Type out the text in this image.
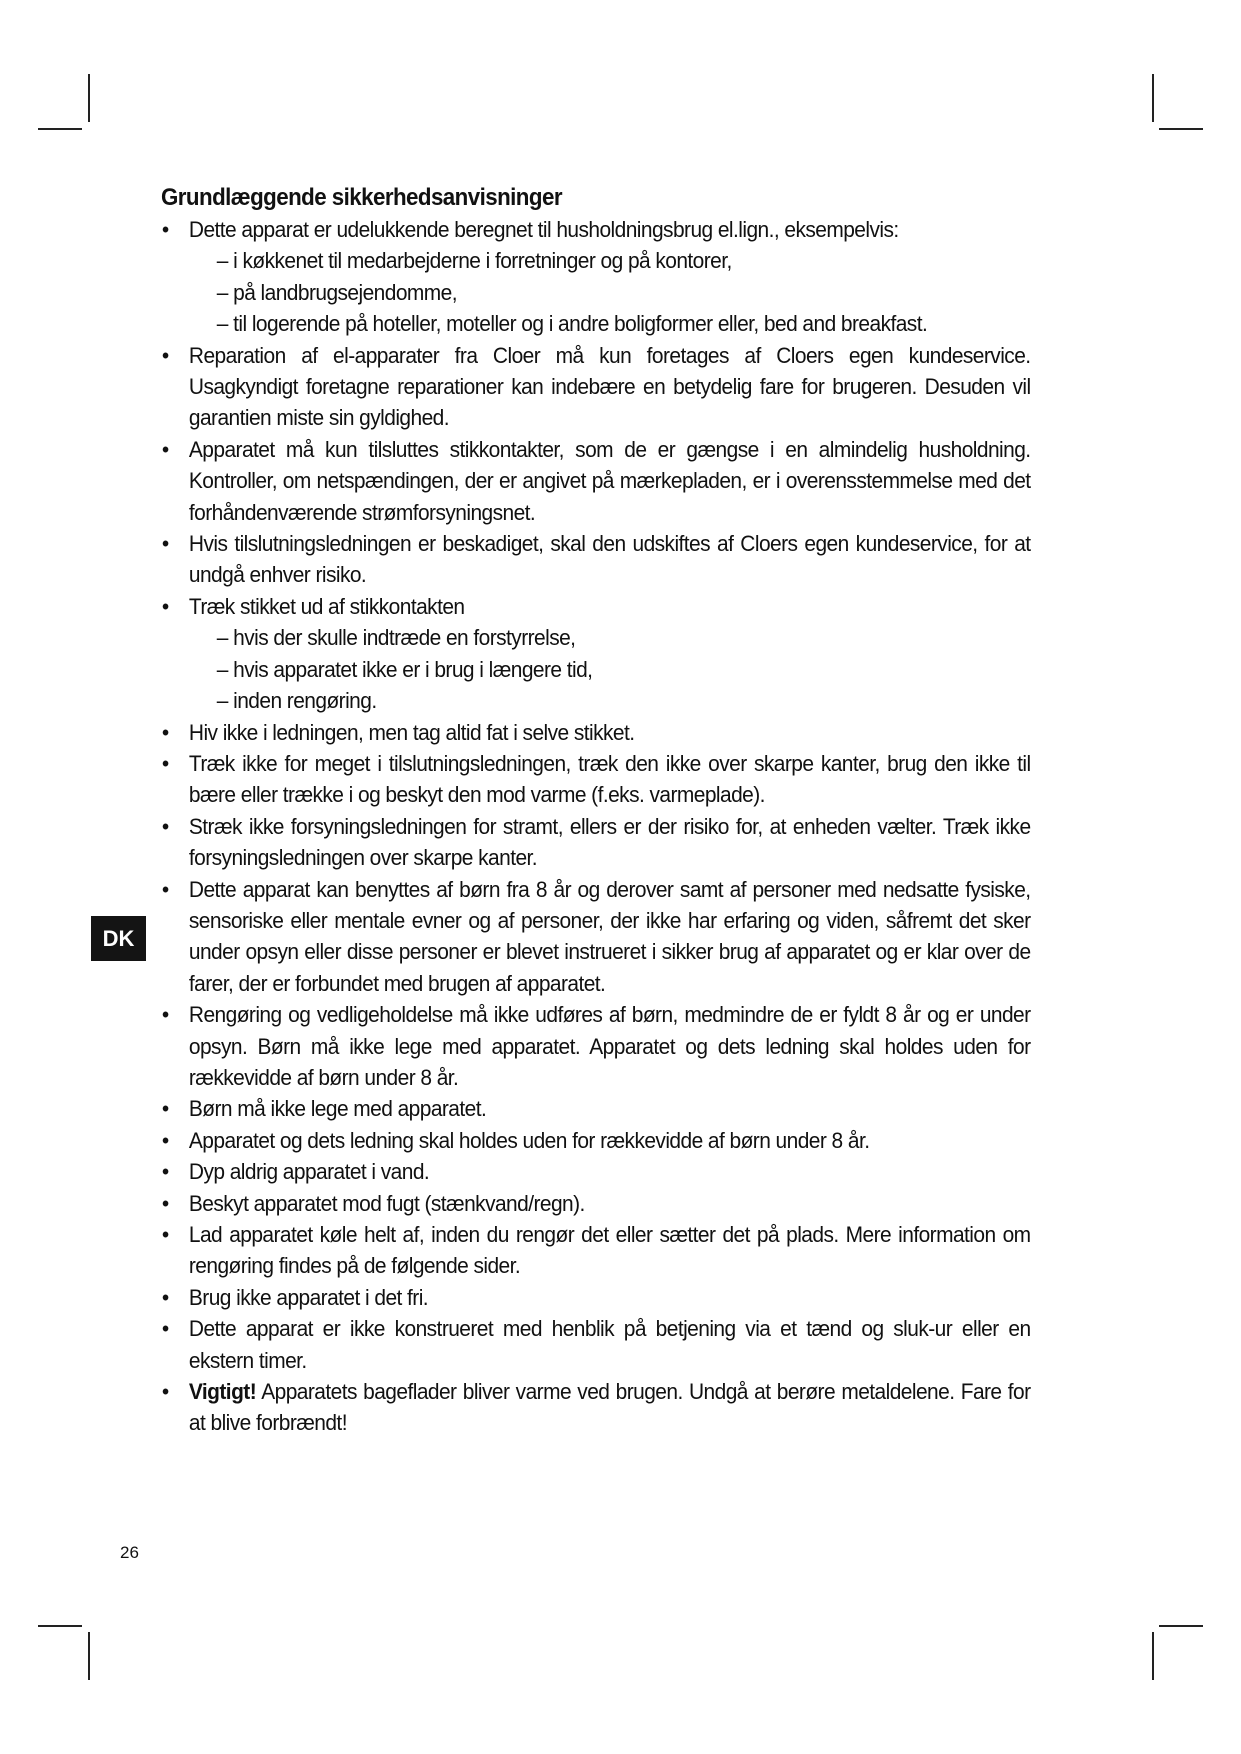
Grundlæggende sikkerhedsanvisninger
• Dette apparat er udelukkende beregnet til husholdningsbrug el.lign., eksempelvis:
– i køkkenet til medarbejderne i forretninger og på kontorer,
– på landbrugsejendomme,
– til logerende på hoteller, moteller og i andre boligformer eller, bed and breakfast.
• Reparation af el-apparater fra Cloer må kun foretages af Cloers egen kundeservice. Usagkyndigt foretagne reparationer kan indebære en betydelig fare for brugeren. Desuden vil garantien miste sin gyldighed.
• Apparatet må kun tilsluttes stikkontakter, som de er gængse i en almindelig husholdning. Kontroller, om netspændingen, der er angivet på mærkepladen, er i overensstemmelse med det forhåndenværende strømforsyningsnet.
• Hvis tilslutningsledningen er beskadiget, skal den udskiftes af Cloers egen kundeservice, for at undgå enhver risiko.
• Træk stikket ud af stikkontakten
– hvis der skulle indtræde en forstyrrelse,
– hvis apparatet ikke er i brug i længere tid,
– inden rengøring.
• Hiv ikke i ledningen, men tag altid fat i selve stikket.
• Træk ikke for meget i tilslutningsledningen, træk den ikke over skarpe kanter, brug den ikke til bære eller trække i og beskyt den mod varme (f.eks. varmeplade).
• Stræk ikke forsyningsledningen for stramt, ellers er der risiko for, at enheden vælter. Træk ikke forsyningsledningen over skarpe kanter.
• Dette apparat kan benyttes af børn fra 8 år og derover samt af personer med nedsatte fysiske, sensoriske eller mentale evner og af personer, der ikke har erfaring og viden, såfremt det sker under opsyn eller disse personer er blevet instrueret i sikker brug af apparatet og er klar over de farer, der er forbundet med brugen af apparatet.
• Rengøring og vedligeholdelse må ikke udføres af børn, medmindre de er fyldt 8 år og er under opsyn. Børn må ikke lege med apparatet. Apparatet og dets ledning skal holdes uden for rækkevidde af børn under 8 år.
• Børn må ikke lege med apparatet.
• Apparatet og dets ledning skal holdes uden for rækkevidde af børn under 8 år.
• Dyp aldrig apparatet i vand.
• Beskyt apparatet mod fugt (stænkvand/regn).
• Lad apparatet køle helt af, inden du rengør det eller sætter det på plads. Mere information om rengøring findes på de følgende sider.
• Brug ikke apparatet i det fri.
• Dette apparat er ikke konstrueret med henblik på betjening via et tænd og sluk-ur eller en ekstern timer.
• Vigtigt! Apparatets bageflader bliver varme ved brugen. Undgå at berøre metaldelene. Fare for at blive forbrændt!
DK
26
